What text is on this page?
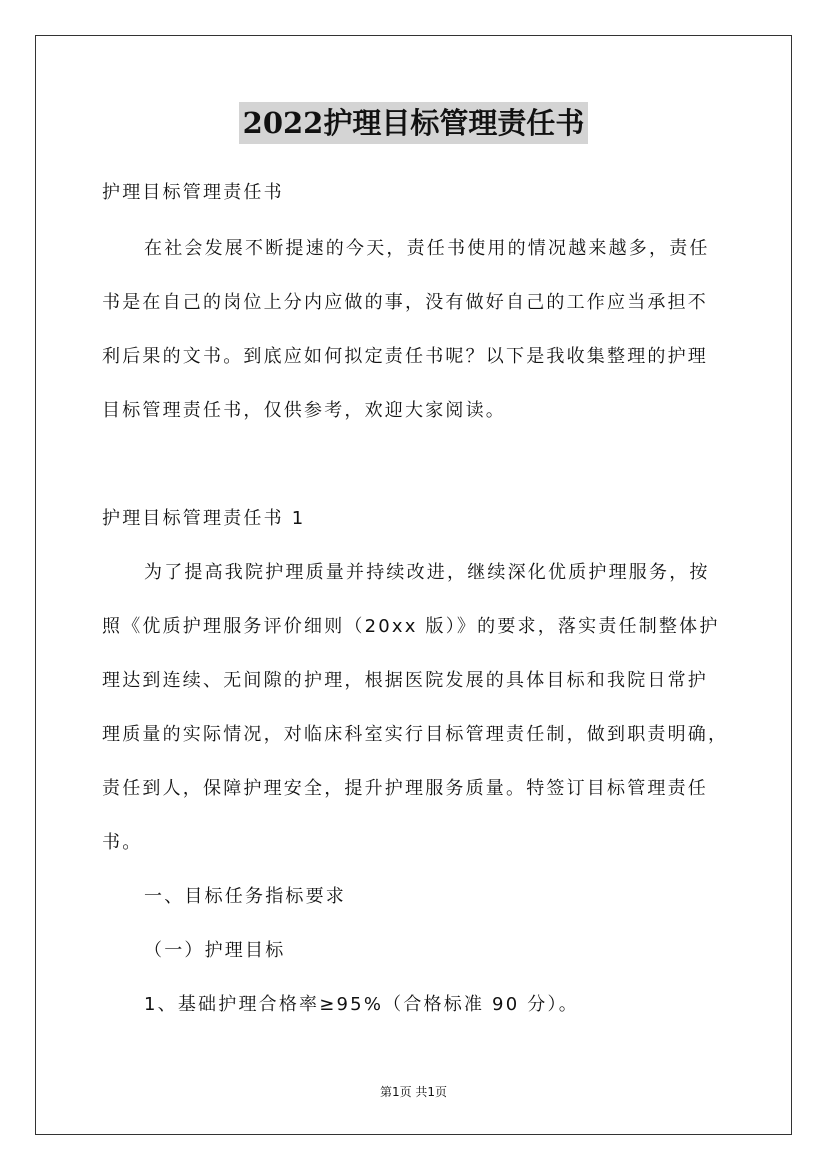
2022护理目标管理责任书
护理目标管理责任书
在社会发展不断提速的今天，责任书使用的情况越来越多，责任
书是在自己的岗位上分内应做的事，没有做好自己的工作应当承担不
利后果的文书。到底应如何拟定责任书呢？以下是我收集整理的护理
目标管理责任书，仅供参考，欢迎大家阅读。
护理目标管理责任书 1
为了提高我院护理质量并持续改进，继续深化优质护理服务，按
照《优质护理服务评价细则（20xx 版）》的要求，落实责任制整体护
理达到连续、无间隙的护理，根据医院发展的具体目标和我院日常护
理质量的实际情况，对临床科室实行目标管理责任制，做到职责明确，
责任到人，保障护理安全，提升护理服务质量。特签订目标管理责任
书。
一、目标任务指标要求
（一）护理目标
1、基础护理合格率≥95%（合格标准 90 分）。
第1页 共1页
